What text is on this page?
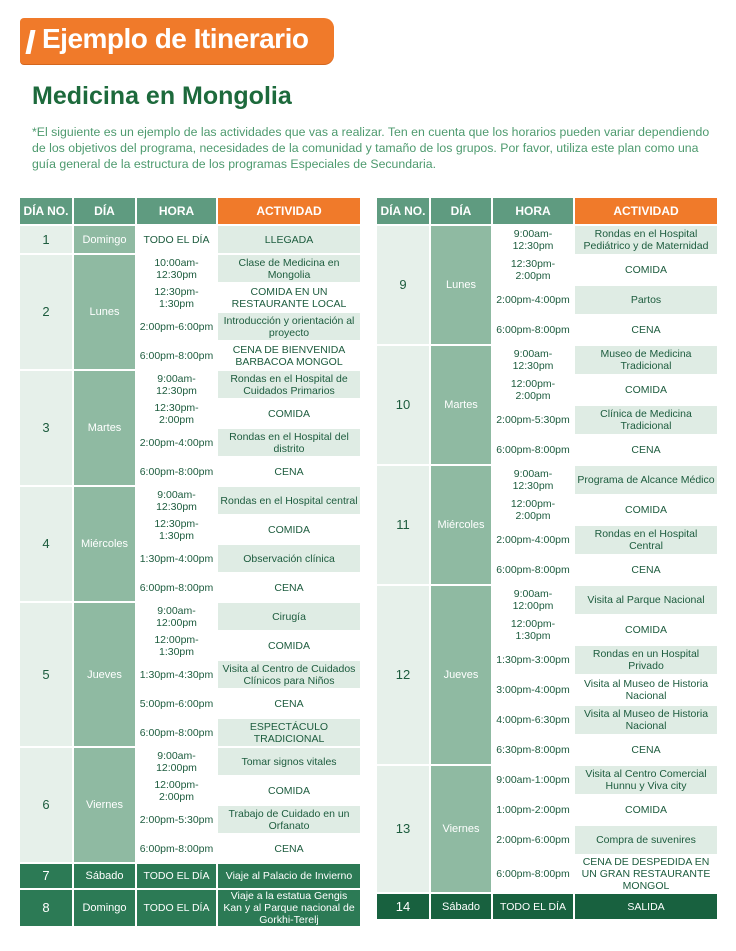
Ejemplo de Itinerario
Medicina en Mongolia
*El siguiente es un ejemplo de las actividades que vas a realizar. Ten en cuenta que los horarios pueden variar dependiendo de los objetivos del programa, necesidades de la comunidad y tamaño de los grupos. Por favor, utiliza este plan como una guía general de la estructura de los programas Especiales de Secundaria.
DÍA NO.	DÍA	HORA	ACTIVIDAD
1	Domingo	TODO EL DÍA	LLEGADA
2	Lunes	10:00am-12:30pm	Clase de Medicina en Mongolia
		12:30pm-1:30pm	COMIDA EN UN RESTAURANTE LOCAL
		2:00pm-6:00pm	Introducción y orientación al proyecto
		6:00pm-8:00pm	CENA DE BIENVENIDA BARBACOA MONGOL
3	Martes	9:00am-12:30pm	Rondas en el Hospital de Cuidados Primarios
		12:30pm-2:00pm	COMIDA
		2:00pm-4:00pm	Rondas en el Hospital del distrito
		6:00pm-8:00pm	CENA
4	Miércoles	9:00am-12:30pm	Rondas en el Hospital central
		12:30pm-1:30pm	COMIDA
		1:30pm-4:00pm	Observación clínica
		6:00pm-8:00pm	CENA
5	Jueves	9:00am-12:00pm	Cirugía
		12:00pm-1:30pm	COMIDA
		1:30pm-4:30pm	Visita al Centro de Cuidados Clínicos para Niños
		5:00pm-6:00pm	CENA
		6:00pm-8:00pm	ESPECTÁCULO TRADICIONAL
6	Viernes	9:00am-12:00pm	Tomar signos vitales
		12:00pm-2:00pm	COMIDA
		2:00pm-5:30pm	Trabajo de Cuidado en un Orfanato
		6:00pm-8:00pm	CENA
7	Sábado	TODO EL DÍA	Viaje al Palacio de Invierno
8	Domingo	TODO EL DÍA	Viaje a la estatua Gengis Kan y al Parque nacional de Gorkhi-Terelj
DÍA NO.	DÍA	HORA	ACTIVIDAD
9	Lunes	9:00am-12:30pm	Rondas en el Hospital Pediátrico y de Maternidad
		12:30pm-2:00pm	COMIDA
		2:00pm-4:00pm	Partos
		6:00pm-8:00pm	CENA
10	Martes	9:00am-12:30pm	Museo de Medicina Tradicional
		12:00pm-2:00pm	COMIDA
		2:00pm-5:30pm	Clínica de Medicina Tradicional
		6:00pm-8:00pm	CENA
11	Miércoles	9:00am-12:30pm	Programa de Alcance Médico
		12:00pm-2:00pm	COMIDA
		2:00pm-4:00pm	Rondas en el Hospital Central
		6:00pm-8:00pm	CENA
12	Jueves	9:00am-12:00pm	Visita al Parque Nacional
		12:00pm-1:30pm	COMIDA
		1:30pm-3:00pm	Rondas en un Hospital Privado
		3:00pm-4:00pm	Visita al Museo de Historia Nacional
		4:00pm-6:30pm	Visita al Museo de Historia Nacional
		6:30pm-8:00pm	CENA
13	Viernes	9:00am-1:00pm	Visita al Centro Comercial Hunnu y Viva city
		1:00pm-2:00pm	COMIDA
		2:00pm-6:00pm	Compra de suvenires
		6:00pm-8:00pm	CENA DE DESPEDIDA EN UN GRAN RESTAURANTE MONGOL
14	Sábado	TODO EL DÍA	SALIDA
